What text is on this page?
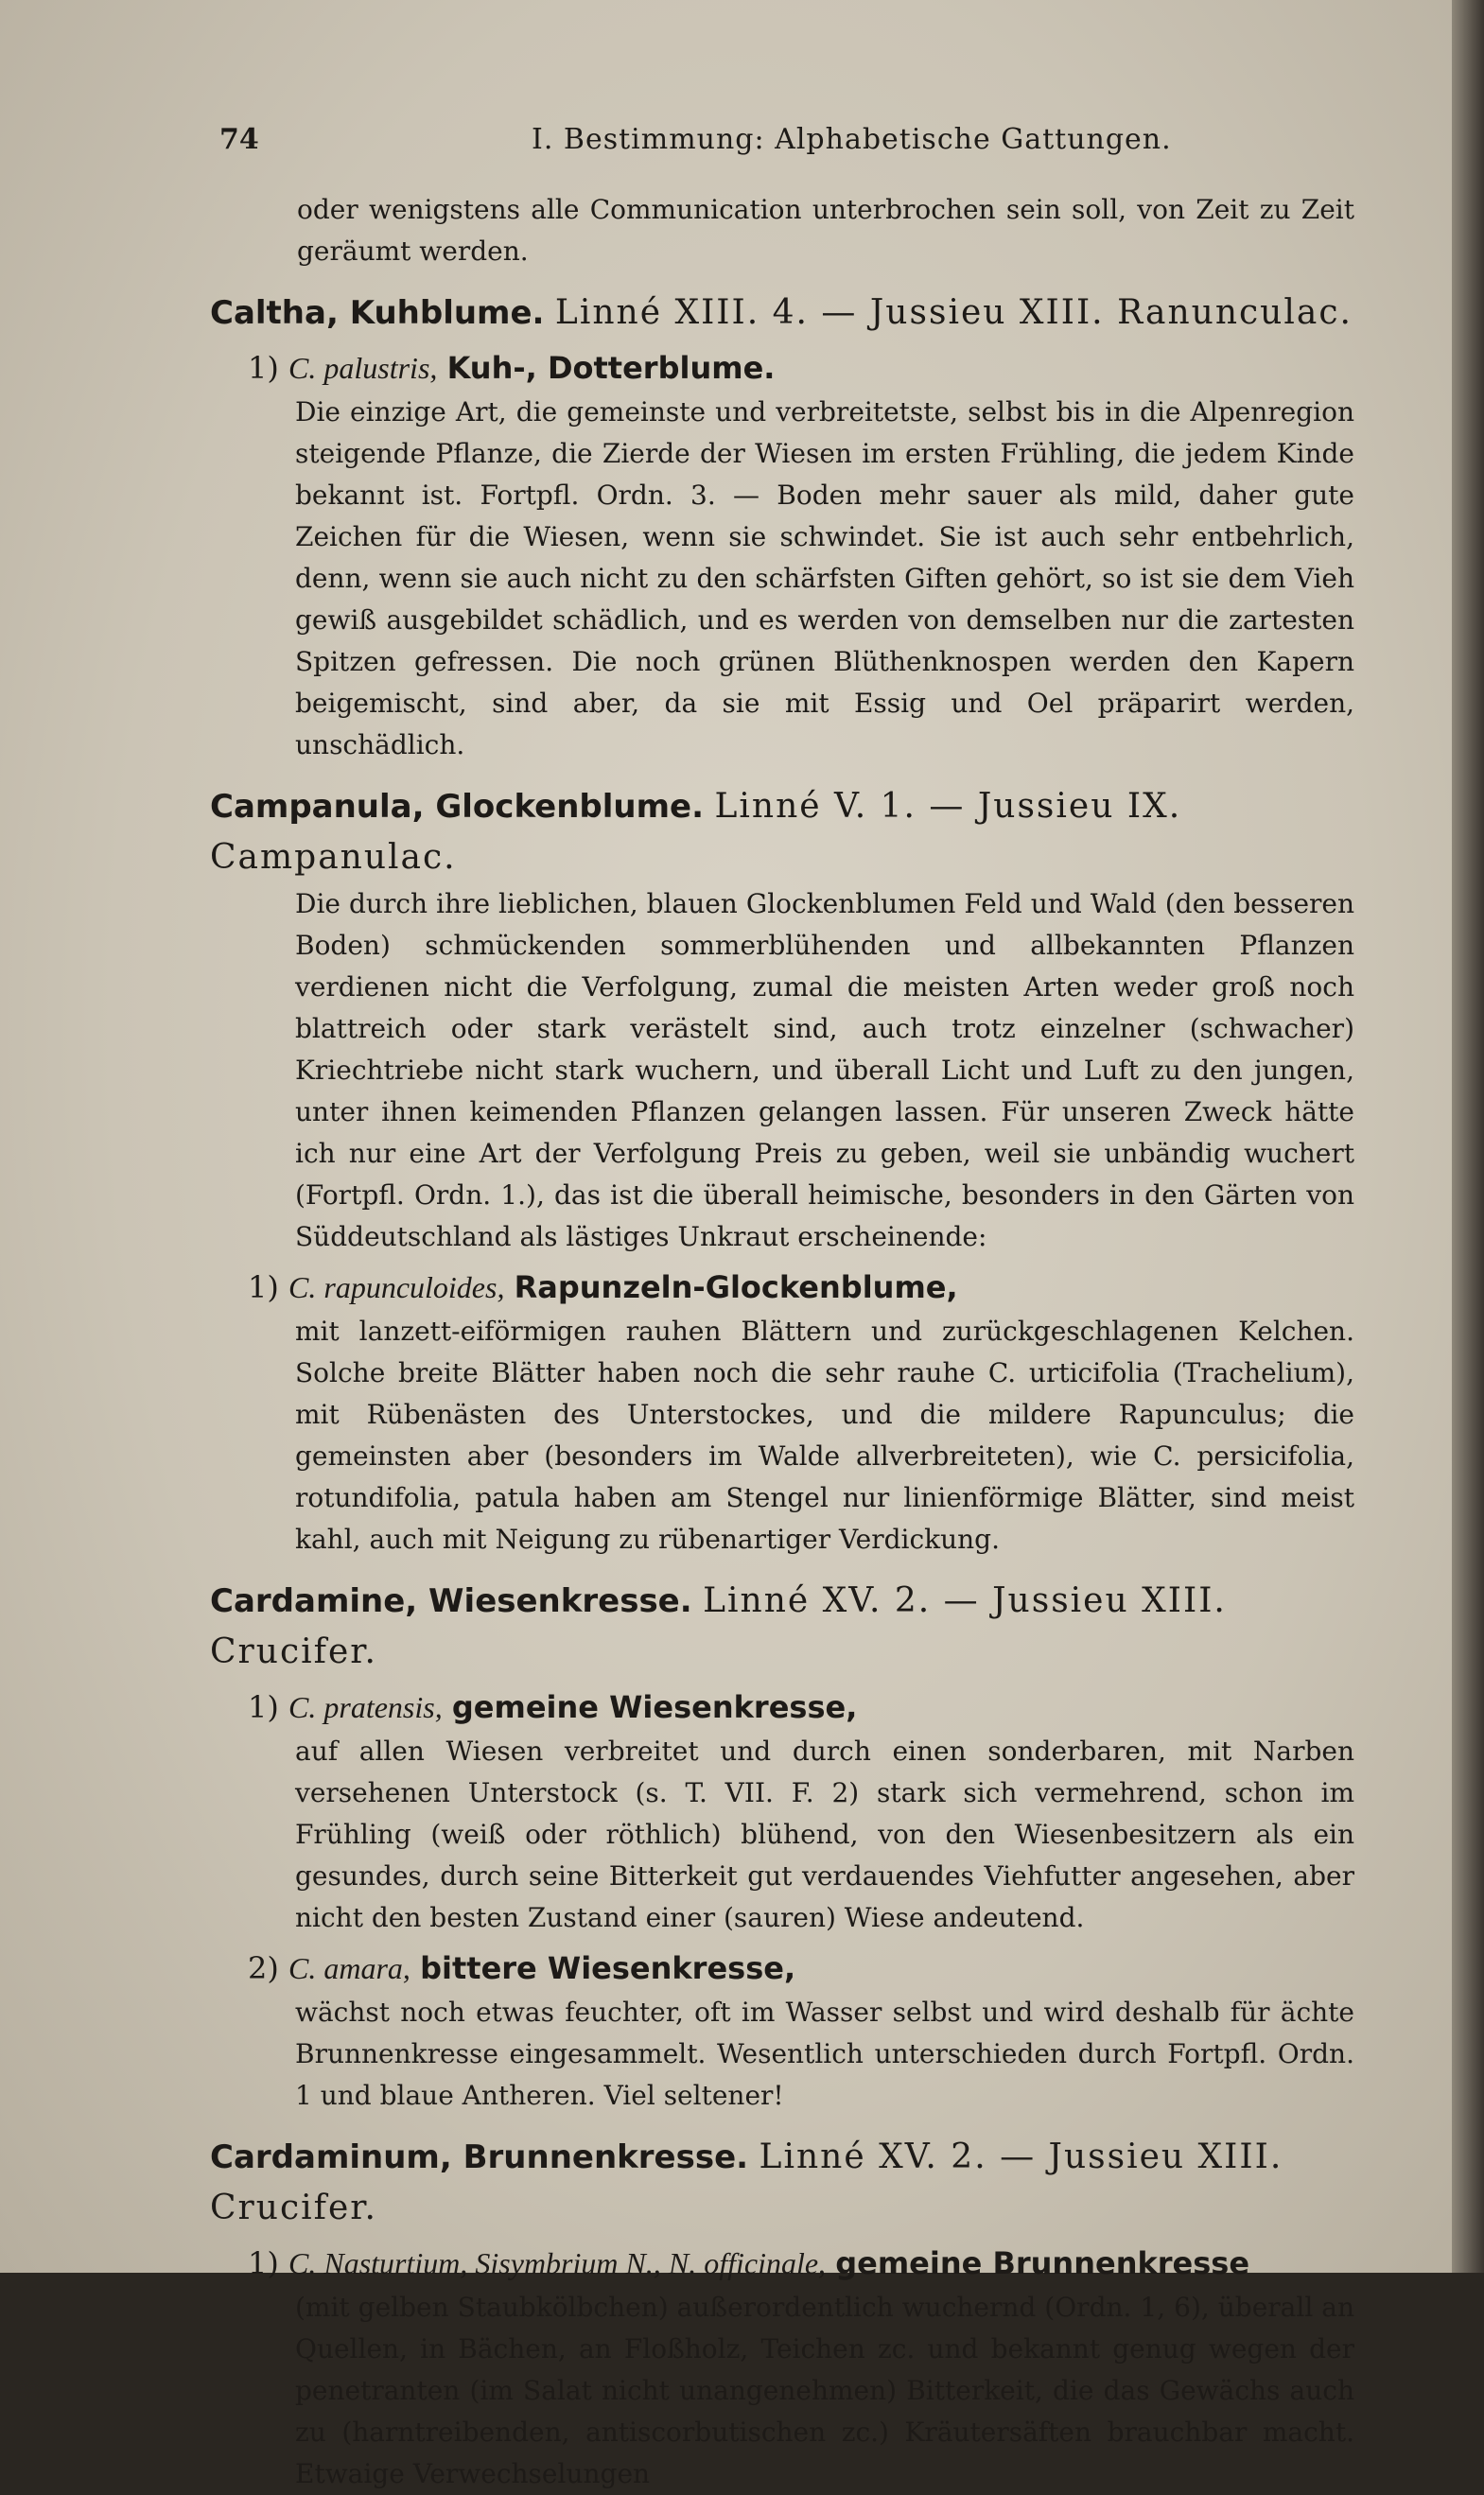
74	I. Bestimmung: Alphabetische Gattungen.

oder wenigstens alle Communication unterbrochen sein soll, von Zeit zu Zeit geräumt werden.

Caltha, Kuhblume. Linné XIII. 4. — Jussieu XIII. Ranunculac.
1) C. palustris, Kuh-, Dotterblume.

Die einzige Art, die gemeinste und verbreitetste, selbst bis in die Alpenregion steigende Pflanze, die Zierde der Wiesen im ersten Frühling, die jedem Kinde bekannt ist. Fortpfl. Ordn. 3. — Boden mehr sauer als mild, daher gute Zeichen für die Wiesen, wenn sie schwindet. Sie ist auch sehr entbehrlich, denn, wenn sie auch nicht zu den schärfsten Giften gehört, so ist sie dem Vieh gewiß ausgebildet schädlich, und es werden von demselben nur die zartesten Spitzen gefressen. Die noch grünen Blüthenknospen werden den Kapern beigemischt, sind aber, da sie mit Essig und Oel präparirt werden, unschädlich.

Campanula, Glockenblume. Linné V. 1. — Jussieu IX. Campanulac.

Die durch ihre lieblichen, blauen Glockenblumen Feld und Wald (den besseren Boden) schmückenden sommerblühenden und allbekannten Pflanzen verdienen nicht die Verfolgung, zumal die meisten Arten weder groß noch blattreich oder stark verästelt sind, auch trotz einzelner (schwacher) Kriechtriebe nicht stark wuchern, und überall Licht und Luft zu den jungen, unter ihnen keimenden Pflanzen gelangen lassen. Für unseren Zweck hätte ich nur eine Art der Verfolgung Preis zu geben, weil sie unbändig wuchert (Fortpfl. Ordn. 1.), das ist die überall heimische, besonders in den Gärten von Süddeutschland als lästiges Unkraut erscheinende:

1) C. rapunculoides, Rapunzeln-Glockenblume,

mit lanzett-eiförmigen rauhen Blättern und zurückgeschlagenen Kelchen. Solche breite Blätter haben noch die sehr rauhe C. urticifolia (Trachelium), mit Rübenästen des Unterstockes, und die mildere Rapunculus; die gemeinsten aber (besonders im Walde allverbreiteten), wie C. persicifolia, rotundifolia, patula haben am Stengel nur linienförmige Blätter, sind meist kahl, auch mit Neigung zu rübenartiger Verdickung.

Cardamine, Wiesenkresse. Linné XV. 2. — Jussieu XIII. Crucifer.
1) C. pratensis, gemeine Wiesenkresse,

auf allen Wiesen verbreitet und durch einen sonderbaren, mit Narben versehenen Unterstock (s. T. VII. F. 2) stark sich vermehrend, schon im Frühling (weiß oder röthlich) blühend, von den Wiesenbesitzern als ein gesundes, durch seine Bitterkeit gut verdauendes Viehfutter angesehen, aber nicht den besten Zustand einer (sauren) Wiese andeutend.

2) C. amara, bittere Wiesenkresse,

wächst noch etwas feuchter, oft im Wasser selbst und wird deshalb für ächte Brunnenkresse eingesammelt. Wesentlich unterschieden durch Fortpfl. Ordn. 1 und blaue Antheren. Viel seltener!

Cardaminum, Brunnenkresse. Linné XV. 2. — Jussieu XIII. Crucifer.
1) C. Nasturtium, Sisymbrium N., N. officinale, gemeine Brunnenkresse

(mit gelben Staubkölbchen) außerordentlich wuchernd (Ordn. 1, 6), überall an Quellen, in Bächen, an Floßholz, Teichen zc. und bekannt genug wegen der penetranten (im Salat nicht unangenehmen) Bitterkeit, die das Gewächs auch zu (harntreibenden, antiscorbutischen zc.) Kräutersäften brauchbar macht. Etwaige Verwechselungen
